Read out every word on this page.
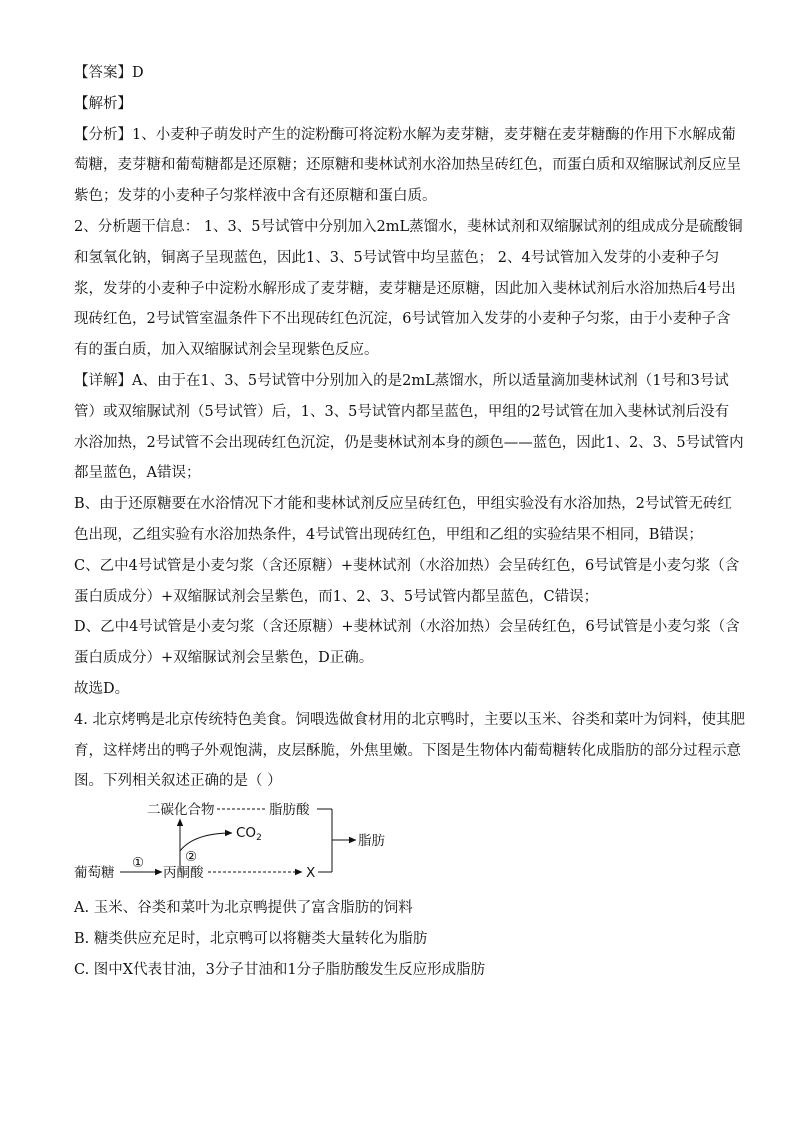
【答案】D

【解析】

【分析】1、小麦种子萌发时产生的淀粉酶可将淀粉水解为麦芽糖，麦芽糖在麦芽糖酶的作用下水解成葡

萄糖，麦芽糖和葡萄糖都是还原糖；还原糖和斐林试剂水浴加热呈砖红色，而蛋白质和双缩脲试剂反应呈

紫色；发芽的小麦种子匀浆样液中含有还原糖和蛋白质。

2、分析题干信息： 1、3、5号试管中分别加入2mL蒸馏水，斐林试剂和双缩脲试剂的组成成分是硫酸铜

和氢氧化钠，铜离子呈现蓝色，因此1、3、5号试管中均呈蓝色； 2、4号试管加入发芽的小麦种子匀

浆，发芽的小麦种子中淀粉水解形成了麦芽糖，麦芽糖是还原糖，因此加入斐林试剂后水浴加热后4号出

现砖红色，2号试管室温条件下不出现砖红色沉淀，6号试管加入发芽的小麦种子匀浆，由于小麦种子含

有的蛋白质，加入双缩脲试剂会呈现紫色反应。

【详解】A、由于在1、3、5号试管中分别加入的是2mL蒸馏水，所以适量滴加斐林试剂（1号和3号试

管）或双缩脲试剂（5号试管）后，1、3、5号试管内都呈蓝色，甲组的2号试管在加入斐林试剂后没有

水浴加热，2号试管不会出现砖红色沉淀，仍是斐林试剂本身的颜色——蓝色，因此1、2、3、5号试管内

都呈蓝色，A错误；

B、由于还原糖要在水浴情况下才能和斐林试剂反应呈砖红色，甲组实验没有水浴加热，2号试管无砖红

色出现，乙组实验有水浴加热条件，4号试管出现砖红色，甲组和乙组的实验结果不相同，B错误；

C、乙中4号试管是小麦匀浆（含还原糖）+斐林试剂（水浴加热）会呈砖红色，6号试管是小麦匀浆（含

蛋白质成分）+双缩脲试剂会呈紫色，而1、2、3、5号试管内都呈蓝色，C错误；

D、乙中4号试管是小麦匀浆（含还原糖）+斐林试剂（水浴加热）会呈砖红色，6号试管是小麦匀浆（含

蛋白质成分）+双缩脲试剂会呈紫色，D正确。

故选D。

4. 北京烤鸭是北京传统特色美食。饲喂选做食材用的北京鸭时，主要以玉米、谷类和菜叶为饲料，使其肥

育，这样烤出的鸭子外观饱满，皮层酥脆，外焦里嫩。下图是生物体内葡萄糖转化成脂肪的部分过程示意

图。下列相关叙述正确的是（ ）

二碳化合物	脂肪酸
脂肪
$CO_2$
②
葡萄糖
①
丙酮酸	X

A. 玉米、谷类和菜叶为北京鸭提供了富含脂肪的饲料

B. 糖类供应充足时，北京鸭可以将糖类大量转化为脂肪

C. 图中X代表甘油，3分子甘油和1分子脂肪酸发生反应形成脂肪
